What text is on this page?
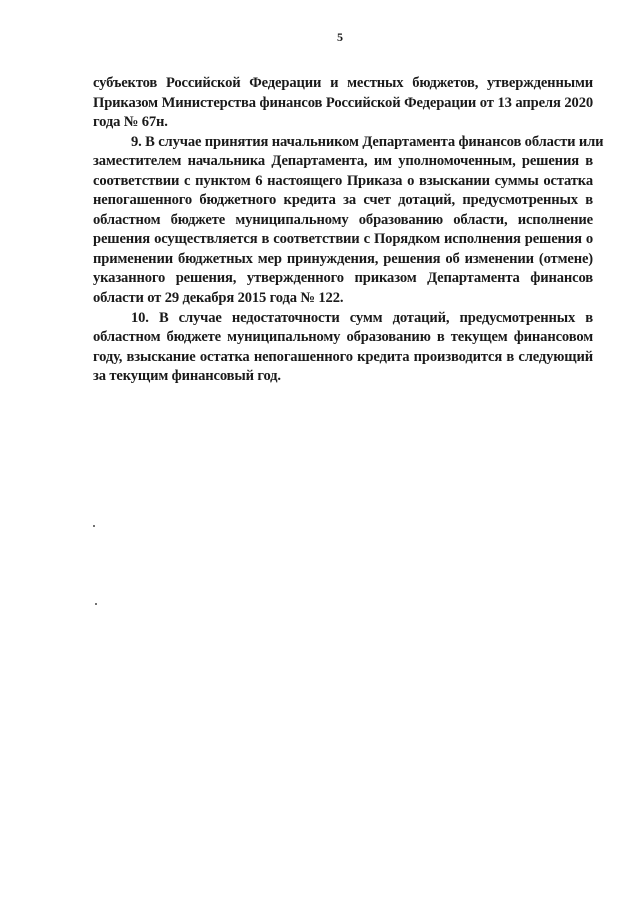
5

субъектов Российской Федерации и местных бюджетов, утвержденными
Приказом Министерства финансов Российской Федерации от 13 апреля 2020
года № 67н.

9. В случае принятия начальником Департамента финансов области или
заместителем начальника Департамента, им уполномоченным, решения в
соответствии с пунктом 6 настоящего Приказа о взыскании суммы остатка
непогашенного бюджетного кредита за счет дотаций, предусмотренных в
областном бюджете муниципальному образованию области, исполнение
решения осуществляется в соответствии с Порядком исполнения решения о
применении бюджетных мер принуждения, решения об изменении (отмене)
указанного решения, утвержденного приказом Департамента финансов
области от 29 декабря 2015 года № 122.

10. В случае недостаточности сумм дотаций, предусмотренных в
областном бюджете муниципальному образованию в текущем финансовом
году, взыскание остатка непогашенного кредита производится в следующий
за текущим финансовый год.
